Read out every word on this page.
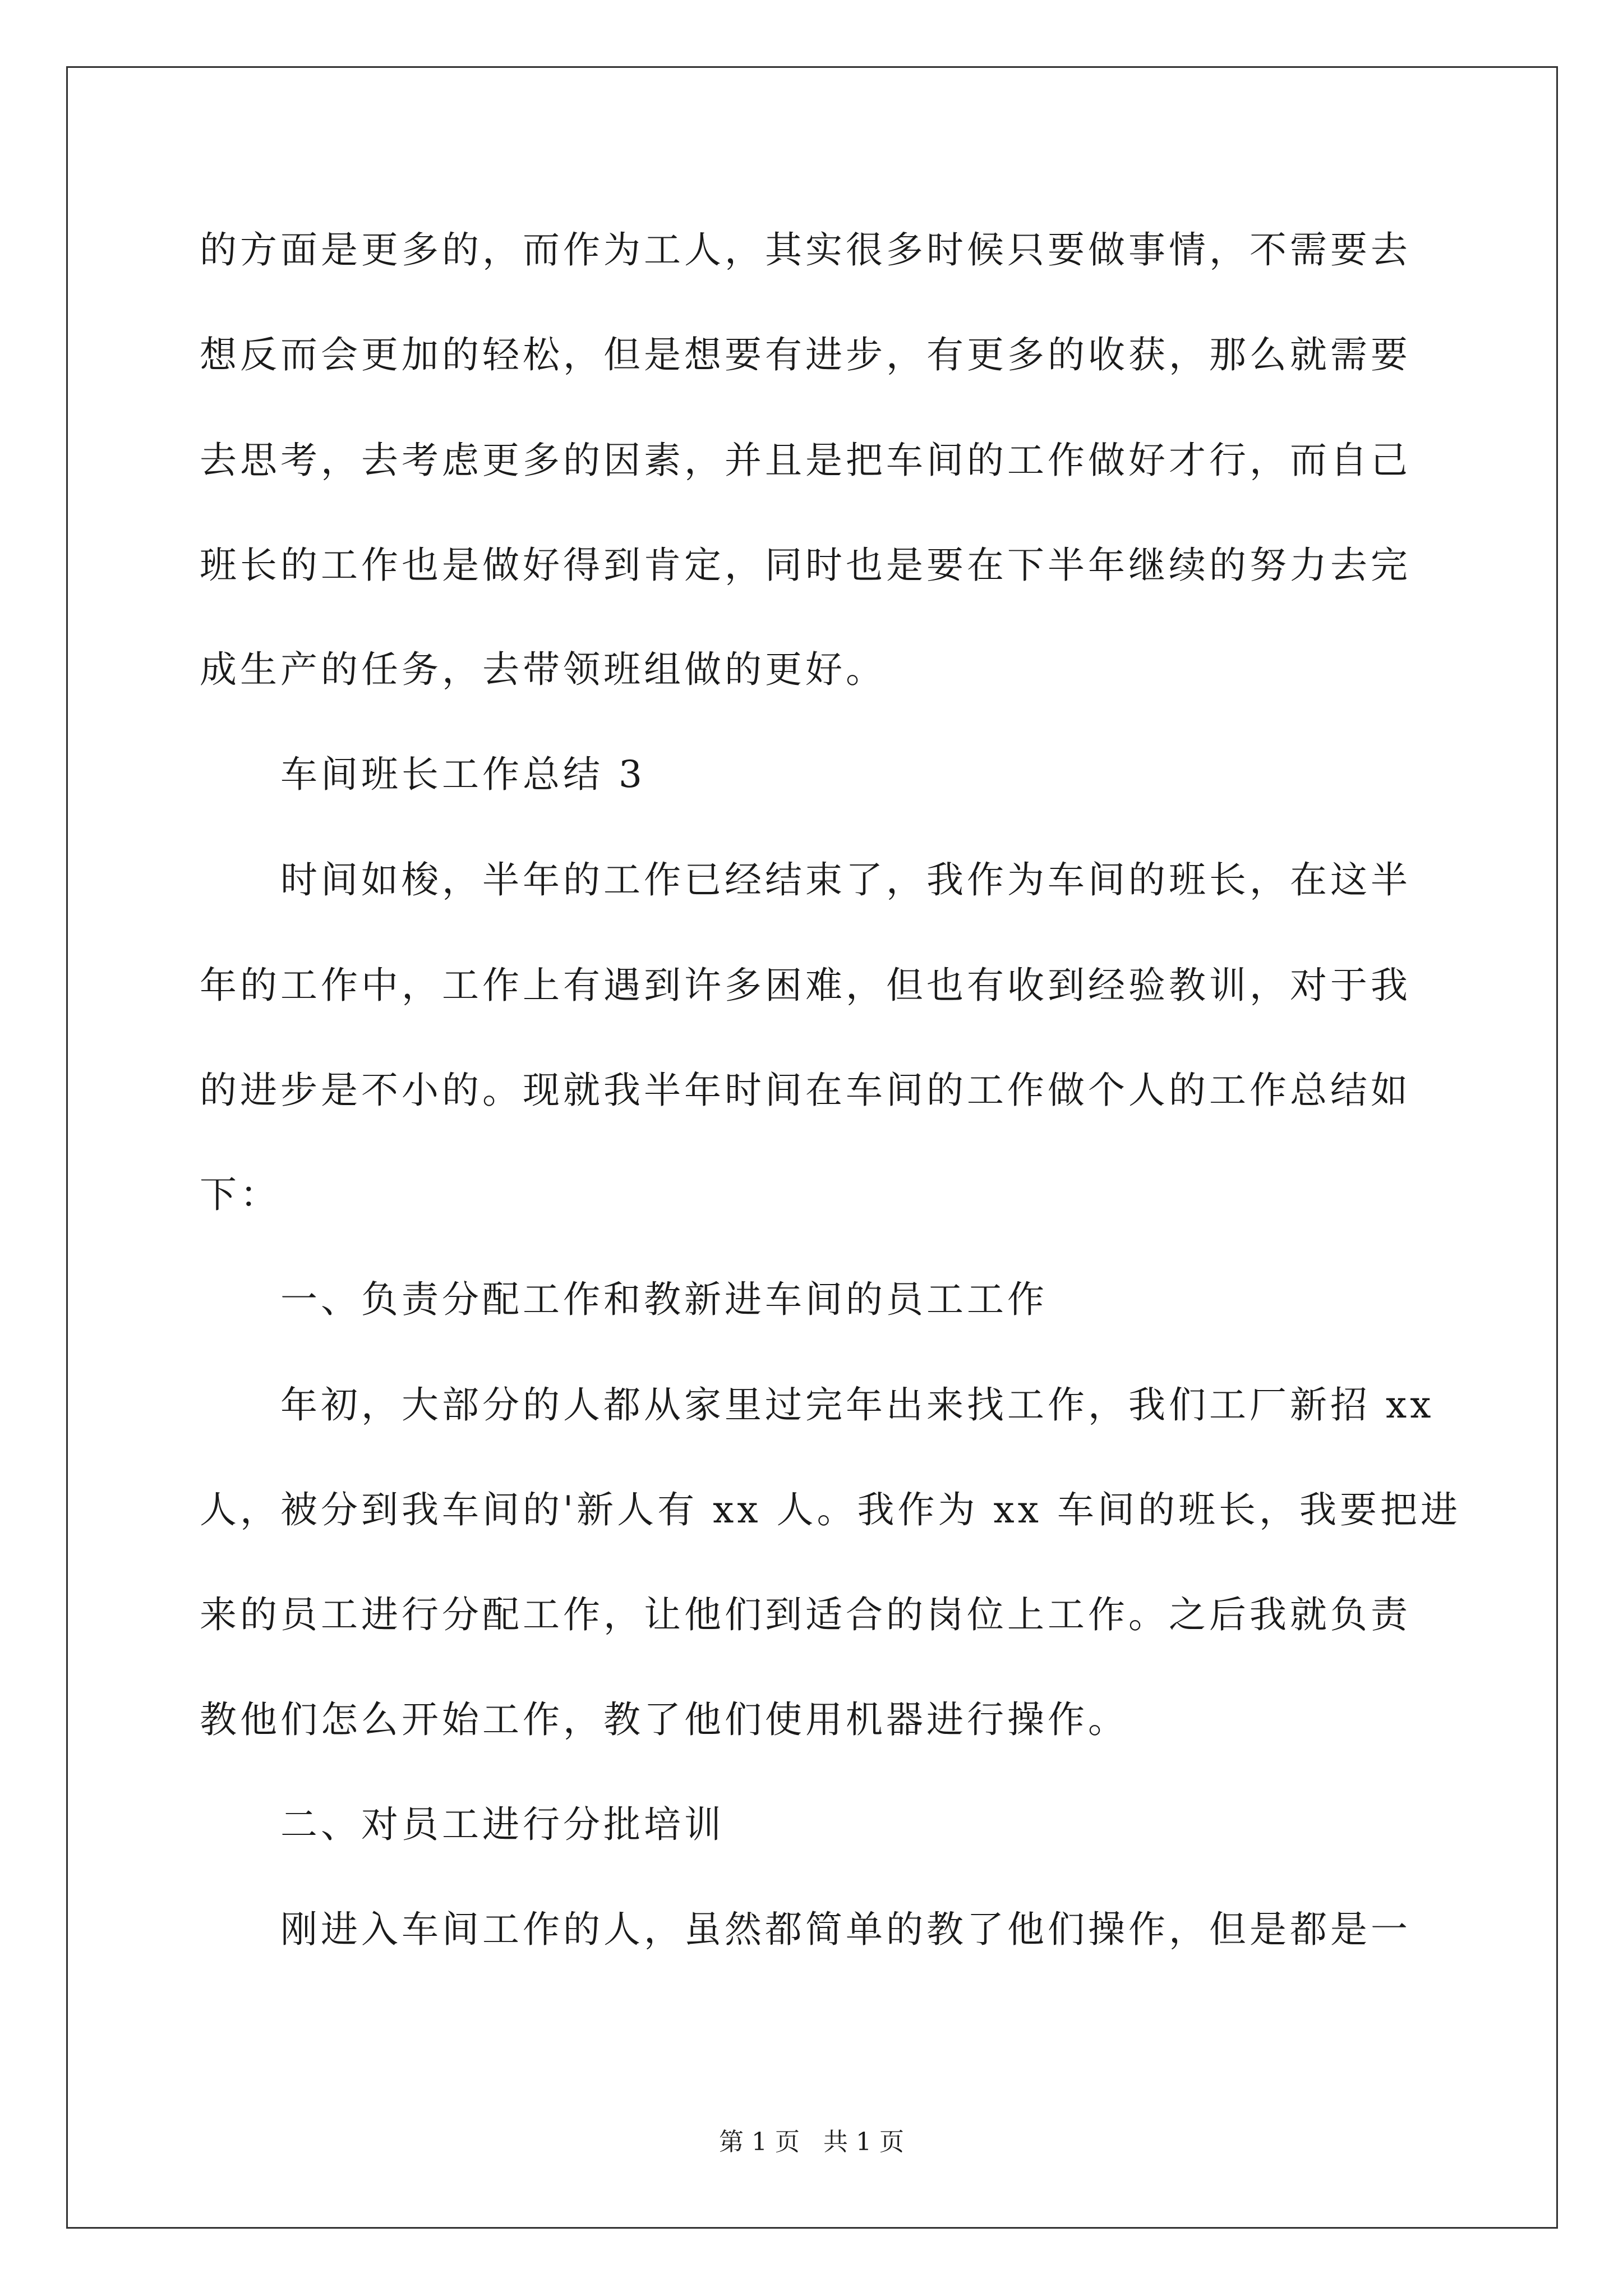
的方面是更多的，而作为工人，其实很多时候只要做事情，不需要去
想反而会更加的轻松，但是想要有进步，有更多的收获，那么就需要
去思考，去考虑更多的因素，并且是把车间的工作做好才行，而自己
班长的工作也是做好得到肯定，同时也是要在下半年继续的努力去完
成生产的任务，去带领班组做的更好。
车间班长工作总结 3
时间如梭，半年的工作已经结束了，我作为车间的班长，在这半
年的工作中，工作上有遇到许多困难，但也有收到经验教训，对于我
的进步是不小的。现就我半年时间在车间的工作做个人的工作总结如
下：
一、负责分配工作和教新进车间的员工工作
年初，大部分的人都从家里过完年出来找工作，我们工厂新招 xx
人，被分到我车间的'新人有 xx 人。我作为 xx 车间的班长，我要把进
来的员工进行分配工作，让他们到适合的岗位上工作。之后我就负责
教他们怎么开始工作，教了他们使用机器进行操作。
二、对员工进行分批培训
刚进入车间工作的人，虽然都简单的教了他们操作，但是都是一
第 1 页   共 1 页
